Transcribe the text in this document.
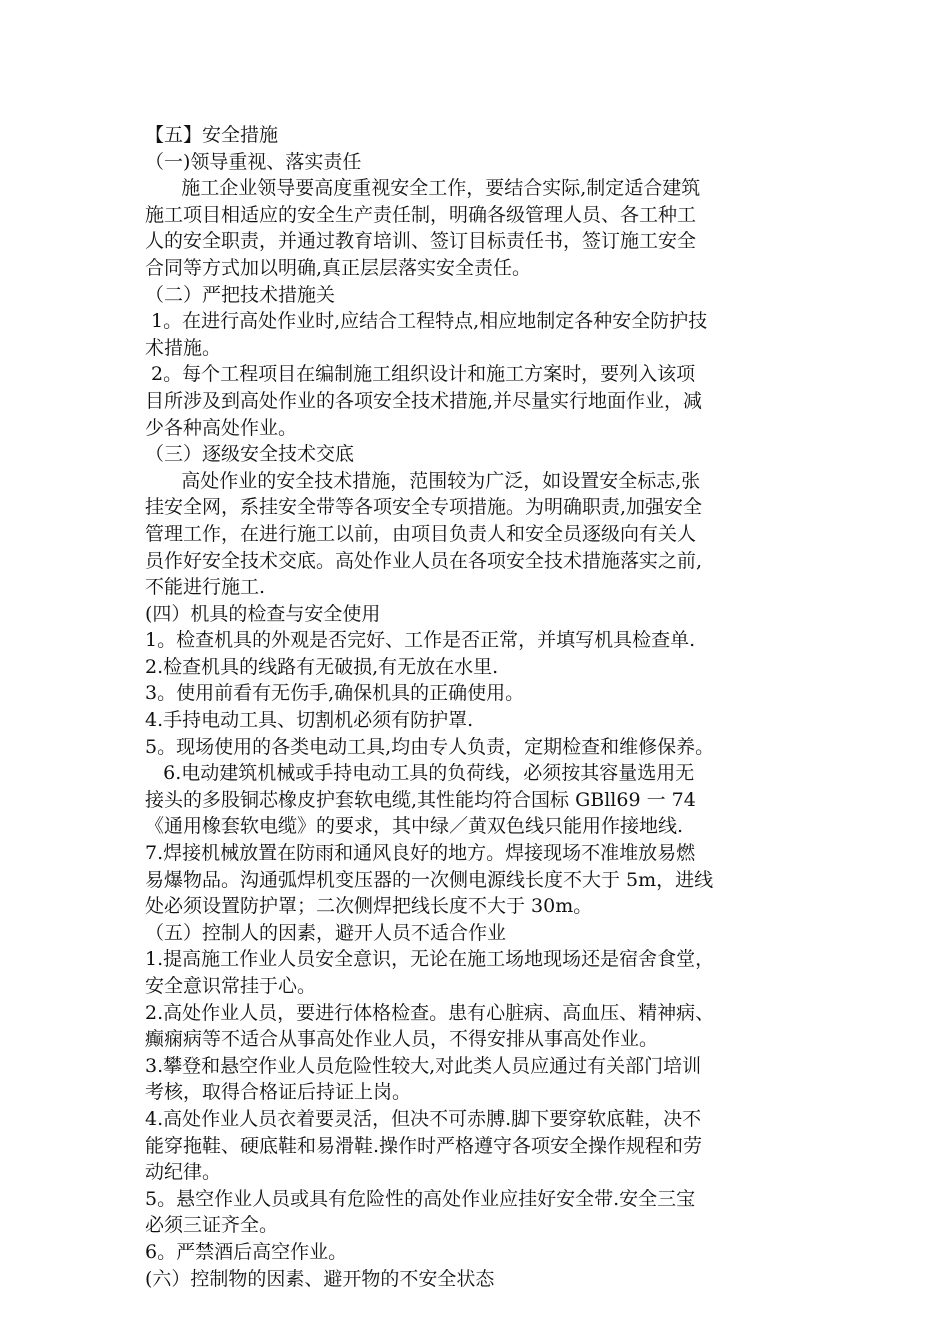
【五】安全措施
（一)领导重视、落实责任
施工企业领导要高度重视安全工作，要结合实际,制定适合建筑
施工项目相适应的安全生产责任制，明确各级管理人员、各工种工
人的安全职责，并通过教育培训、签订目标责任书，签订施工安全
合同等方式加以明确,真正层层落实安全责任。
（二）严把技术措施关
1。在进行高处作业时,应结合工程特点,相应地制定各种安全防护技
术措施。
2。每个工程项目在编制施工组织设计和施工方案时，要列入该项
目所涉及到高处作业的各项安全技术措施,并尽量实行地面作业，减
少各种高处作业。
（三）逐级安全技术交底
高处作业的安全技术措施，范围较为广泛，如设置安全标志,张
挂安全网，系挂安全带等各项安全专项措施。为明确职责,加强安全
管理工作，在进行施工以前，由项目负责人和安全员逐级向有关人
员作好安全技术交底。高处作业人员在各项安全技术措施落实之前,
不能进行施工.
(四）机具的检查与安全使用
1。检查机具的外观是否完好、工作是否正常，并填写机具检查单.
2.检查机具的线路有无破损,有无放在水里.
3。使用前看有无伤手,确保机具的正确使用。
4.手持电动工具、切割机必须有防护罩.
5。现场使用的各类电动工具,均由专人负责，定期检查和维修保养。
6.电动建筑机械或手持电动工具的负荷线，必须按其容量选用无
接头的多股铜芯橡皮护套软电缆,其性能均符合国标 GBll69 一 74
《通用橡套软电缆》的要求，其中绿／黄双色线只能用作接地线.
7.焊接机械放置在防雨和通风良好的地方。焊接现场不准堆放易燃
易爆物品。沟通弧焊机变压器的一次侧电源线长度不大于 5m，进线
处必须设置防护罩；二次侧焊把线长度不大于 30m。
（五）控制人的因素，避开人员不适合作业
1.提高施工作业人员安全意识，无论在施工场地现场还是宿舍食堂，
安全意识常挂于心。
2.高处作业人员，要进行体格检查。患有心脏病、高血压、精神病、
癫痫病等不适合从事高处作业人员，不得安排从事高处作业。
3.攀登和悬空作业人员危险性较大,对此类人员应通过有关部门培训
考核，取得合格证后持证上岗。
4.高处作业人员衣着要灵活，但决不可赤膊.脚下要穿软底鞋，决不
能穿拖鞋、硬底鞋和易滑鞋.操作时严格遵守各项安全操作规程和劳
动纪律。
5。悬空作业人员或具有危险性的高处作业应挂好安全带.安全三宝
必须三证齐全。
6。严禁酒后高空作业。
(六）控制物的因素、避开物的不安全状态
